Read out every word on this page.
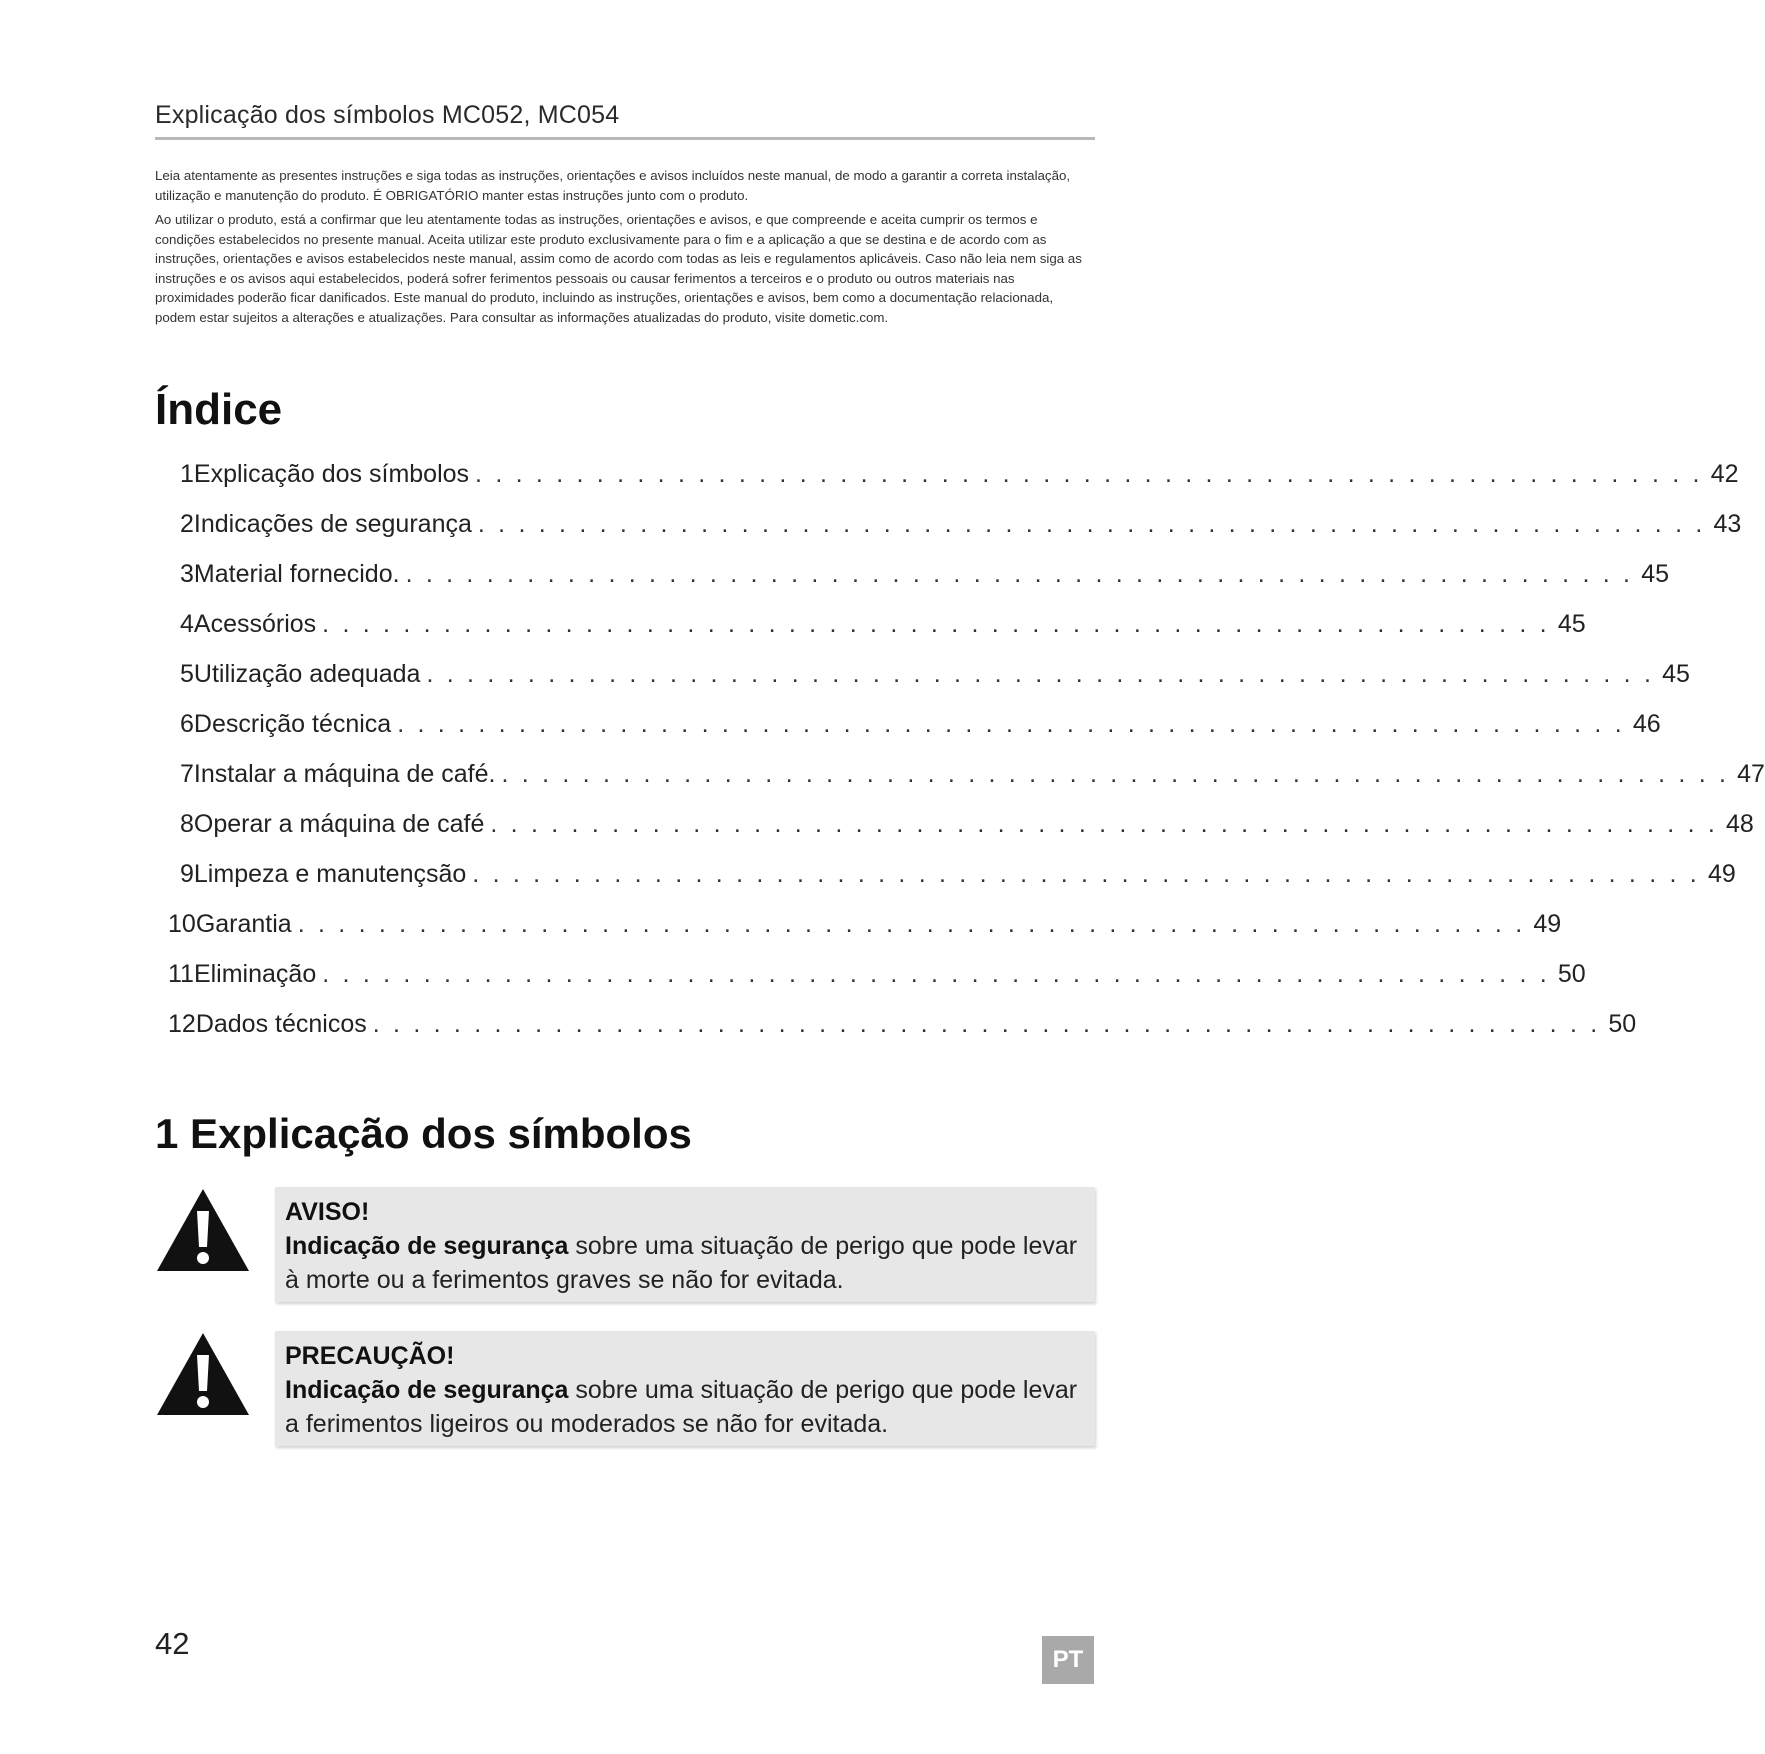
Explicação dos símbolos MC052, MC054

Leia atentamente as presentes instruções e siga todas as instruções, orientações e avisos incluídos neste manual, de modo a garantir a correta instalação, utilização e manutenção do produto. É OBRIGATÓRIO manter estas instruções junto com o produto.

Ao utilizar o produto, está a confirmar que leu atentamente todas as instruções, orientações e avisos, e que compreende e aceita cumprir os termos e condições estabelecidos no presente manual. Aceita utilizar este produto exclusivamente para o fim e a aplicação a que se destina e de acordo com as instruções, orientações e avisos estabelecidos neste manual, assim como de acordo com todas as leis e regulamentos aplicáveis. Caso não leia nem siga as instruções e os avisos aqui estabelecidos, poderá sofrer ferimentos pessoais ou causar ferimentos a terceiros e o produto ou outros materiais nas proximidades poderão ficar danificados. Este manual do produto, incluindo as instruções, orientações e avisos, bem como a documentação relacionada, podem estar sujeitos a alterações e atualizações. Para consultar as informações atualizadas do produto, visite dometic.com.

Índice
1 Explicação dos símbolos . . . . . . . . . . . . . . . . . . . . . . . . . . . . . . . . . . . . . . . . . . . . . . . . . . . . . . . . . . . . . 42
2 Indicações de segurança . . . . . . . . . . . . . . . . . . . . . . . . . . . . . . . . . . . . . . . . . . . . . . . . . . . . . . . . . . . . . 43
3 Material fornecido. . . . . . . . . . . . . . . . . . . . . . . . . . . . . . . . . . . . . . . . . . . . . . . . . . . . . . . . . . . . . . 45
4 Acessórios . . . . . . . . . . . . . . . . . . . . . . . . . . . . . . . . . . . . . . . . . . . . . . . . . . . . . . . . . . . . . 45
5 Utilização adequada . . . . . . . . . . . . . . . . . . . . . . . . . . . . . . . . . . . . . . . . . . . . . . . . . . . . . . . . . . . . . 45
6 Descrição técnica . . . . . . . . . . . . . . . . . . . . . . . . . . . . . . . . . . . . . . . . . . . . . . . . . . . . . . . . . . . . . 46
7 Instalar a máquina de café. . . . . . . . . . . . . . . . . . . . . . . . . . . . . . . . . . . . . . . . . . . . . . . . . . . . . . . . . . . . . . 47
8 Operar a máquina de café . . . . . . . . . . . . . . . . . . . . . . . . . . . . . . . . . . . . . . . . . . . . . . . . . . . . . . . . . . . . . 48
9 Limpeza e manutençsão . . . . . . . . . . . . . . . . . . . . . . . . . . . . . . . . . . . . . . . . . . . . . . . . . . . . . . . . . . . . . 49
10 Garantia . . . . . . . . . . . . . . . . . . . . . . . . . . . . . . . . . . . . . . . . . . . . . . . . . . . . . . . . . . . . . 49
11 Eliminação . . . . . . . . . . . . . . . . . . . . . . . . . . . . . . . . . . . . . . . . . . . . . . . . . . . . . . . . . . . . . 50
12 Dados técnicos . . . . . . . . . . . . . . . . . . . . . . . . . . . . . . . . . . . . . . . . . . . . . . . . . . . . . . . . . . . . . 50
1 Explicação dos símbolos
AVISO!
Indicação de segurança sobre uma situação de perigo que pode levar à morte ou a ferimentos graves se não for evitada.
PRECAUÇÃO!
Indicação de segurança sobre uma situação de perigo que pode levar a ferimentos ligeiros ou moderados se não for evitada.
42	PT
